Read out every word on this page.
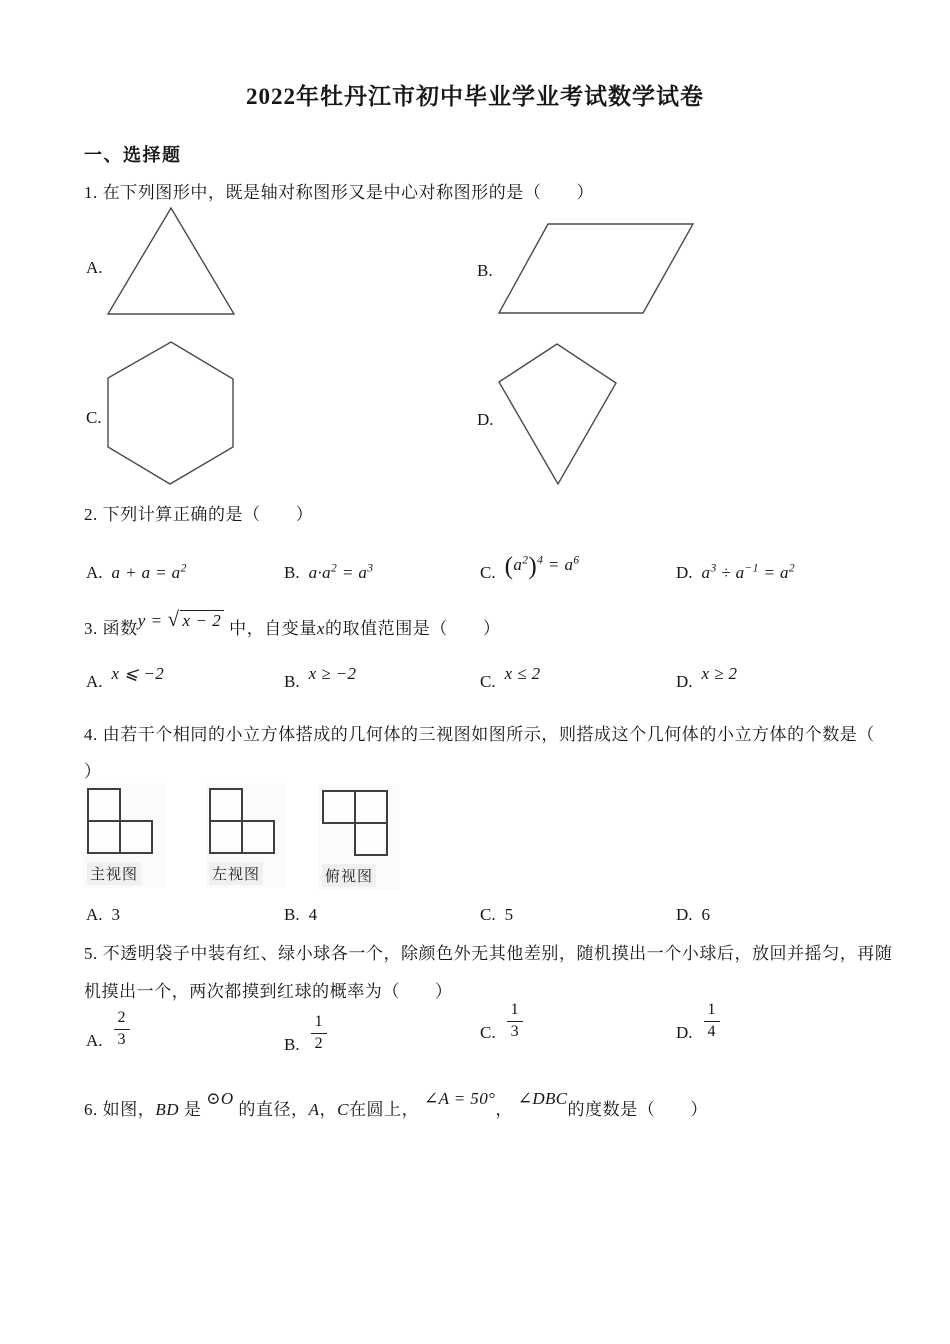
2022年牡丹江市初中毕业学业考试数学试卷
一、选择题
1. 在下列图形中，既是轴对称图形又是中心对称图形的是（　　）
A.	B.
C.	D.
2. 下列计算正确的是（　　）
A. $a + a = a^2$	B. $a\cdot a^2 = a^3$	C. $(a^2)^4 = a^6$
D. $a^3 \div a^{-1} = a^2$
3. 函数y = √ x − 2 中，自变量x的取值范围是（　　）
A. x ⩽ −2	B. x ≥ −2	C. x ≤ 2	D. x ≥ 2
4. 由若干个相同的小立方体搭成的几何体的三视图如图所示，则搭成这个几何体的小立方体的个数是（
）
主视图	左视图	俯视图
A. 3	B. 4	C. 5	D. 6
5. 不透明袋子中装有红、绿小球各一个，除颜色外无其他差别，随机摸出一个小球后，放回并摇匀，再随
机摸出一个，两次都摸到红球的概率为（　　）
A. $\frac{2}{3}$	B. $\frac{1}{2}$	C. $\frac{1}{3}$	D. $\frac{1}{4}$
6. 如图，BD 是 ⊙O 的直径，A，C在圆上， ∠A = 50°， ∠DBC的度数是（　　）
